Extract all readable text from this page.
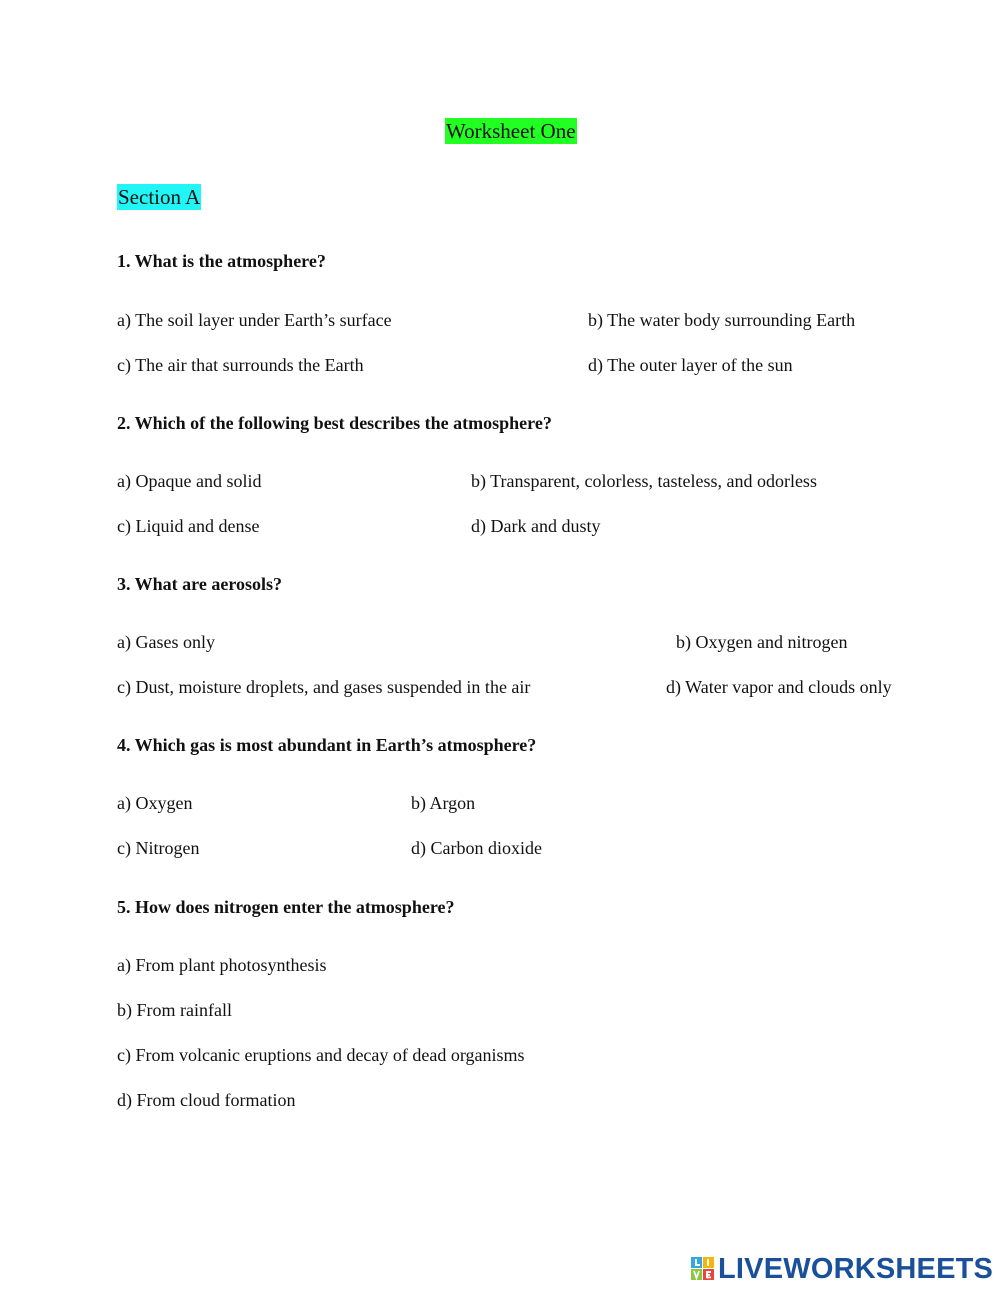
Worksheet One
Section A
1. What is the atmosphere?
a) The soil layer under Earth’s surface	b) The water body surrounding Earth
c) The air that surrounds the Earth	d) The outer layer of the sun
2. Which of the following best describes the atmosphere?
a) Opaque and solid	b) Transparent, colorless, tasteless, and odorless
c) Liquid and dense	d) Dark and dusty
3. What are aerosols?
a) Gases only	b) Oxygen and nitrogen
c) Dust, moisture droplets, and gases suspended in the air	d) Water vapor and clouds only
4. Which gas is most abundant in Earth’s atmosphere?
a) Oxygen	b) Argon
c) Nitrogen	d) Carbon dioxide
5. How does nitrogen enter the atmosphere?
a) From plant photosynthesis
b) From rainfall
c) From volcanic eruptions and decay of dead organisms
d) From cloud formation
LIVEWORKSHEETS
